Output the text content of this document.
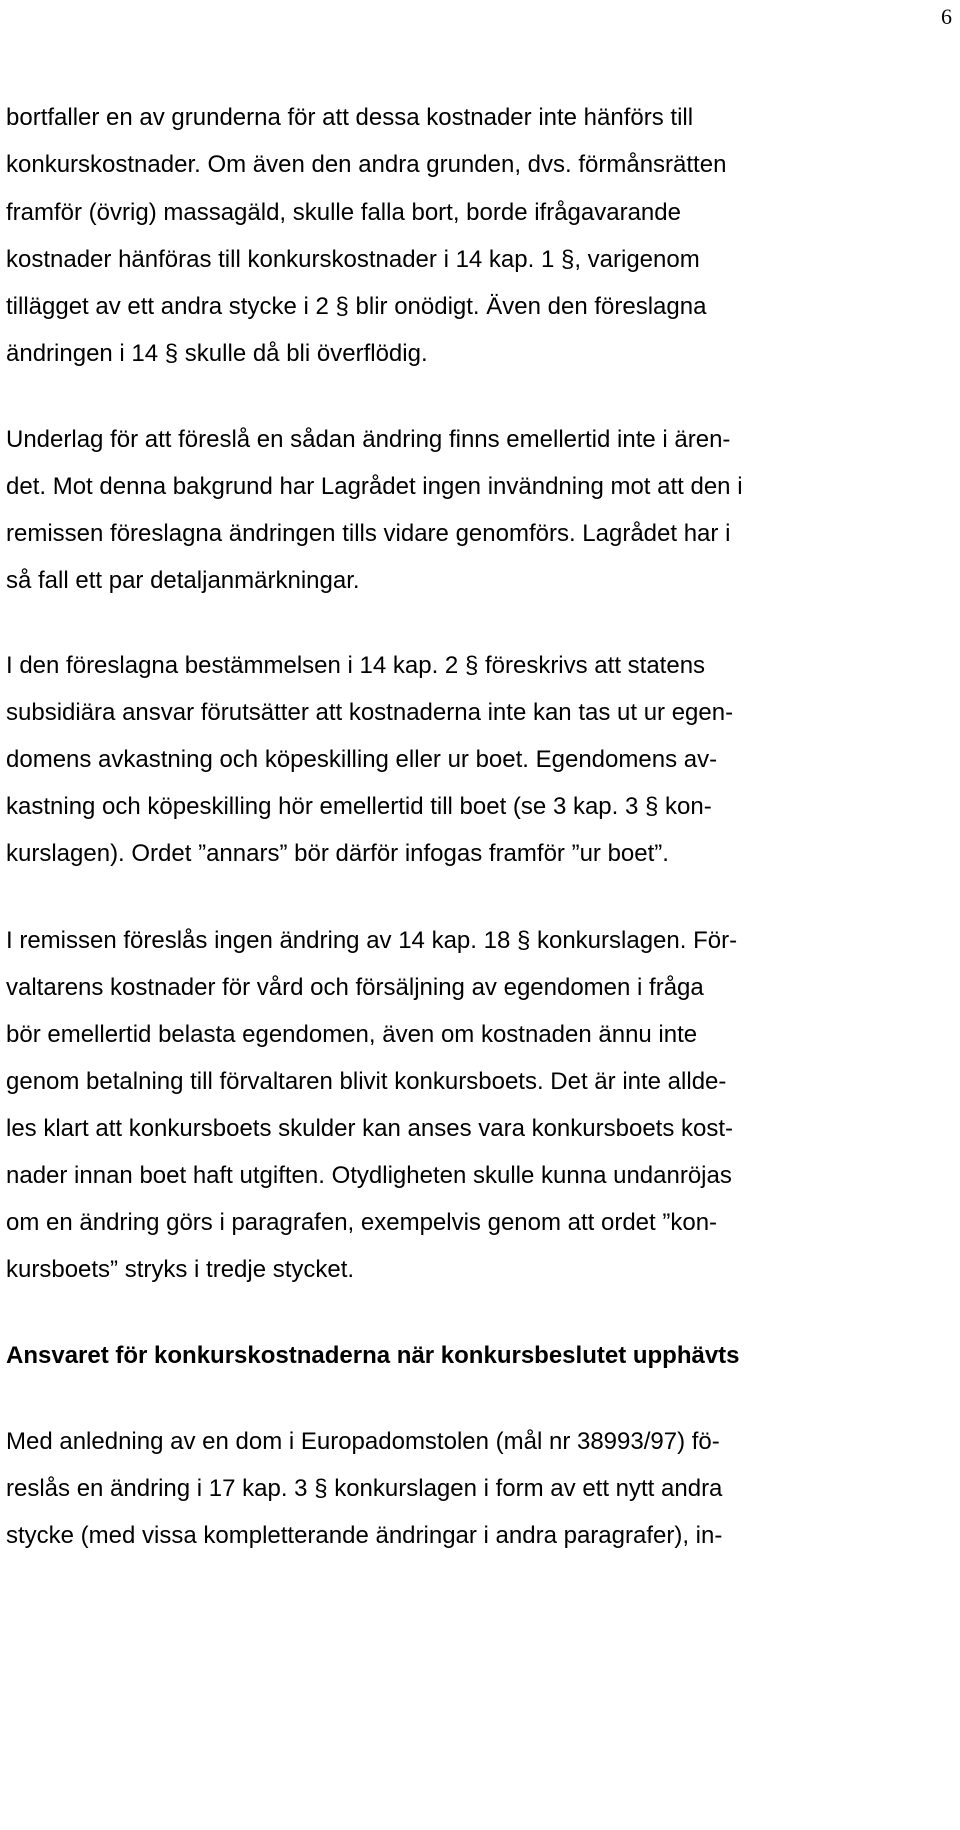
6
bortfaller en av grunderna för att dessa kostnader inte hänförs till
konkurskostnader. Om även den andra grunden, dvs. förmånsrätten
framför (övrig) massagäld, skulle falla bort, borde ifrågavarande
kostnader hänföras till konkurskostnader i 14 kap. 1 §, varigenom
tillägget av ett andra stycke i 2 § blir onödigt. Även den föreslagna
ändringen i 14 § skulle då bli överflödig.
Underlag för att föreslå en sådan ändring finns emellertid inte i ären-
det. Mot denna bakgrund har Lagrådet ingen invändning mot att den i
remissen föreslagna ändringen tills vidare genomförs. Lagrådet har i
så fall ett par detaljanmärkningar.
I den föreslagna bestämmelsen i 14 kap. 2 § föreskrivs att statens
subsidiära ansvar förutsätter att kostnaderna inte kan tas ut ur egen-
domens avkastning och köpeskilling eller ur boet. Egendomens av-
kastning och köpeskilling hör emellertid till boet (se 3 kap. 3 § kon-
kurslagen). Ordet ”annars” bör därför infogas framför ”ur boet”.
I remissen föreslås ingen ändring av 14 kap. 18 § konkurslagen. För-
valtarens kostnader för vård och försäljning av egendomen i fråga
bör emellertid belasta egendomen, även om kostnaden ännu inte
genom betalning till förvaltaren blivit konkursboets. Det är inte allde-
les klart att konkursboets skulder kan anses vara konkursboets kost-
nader innan boet haft utgiften. Otydligheten skulle kunna undanröjas
om en ändring görs i paragrafen, exempelvis genom att ordet ”kon-
kursboets” stryks i tredje stycket.
Ansvaret för konkurskostnaderna när konkursbeslutet upphävts
Med anledning av en dom i Europadomstolen (mål nr 38993/97) fö-
reslås en ändring i 17 kap. 3 § konkurslagen i form av ett nytt andra
stycke (med vissa kompletterande ändringar i andra paragrafer), in-
